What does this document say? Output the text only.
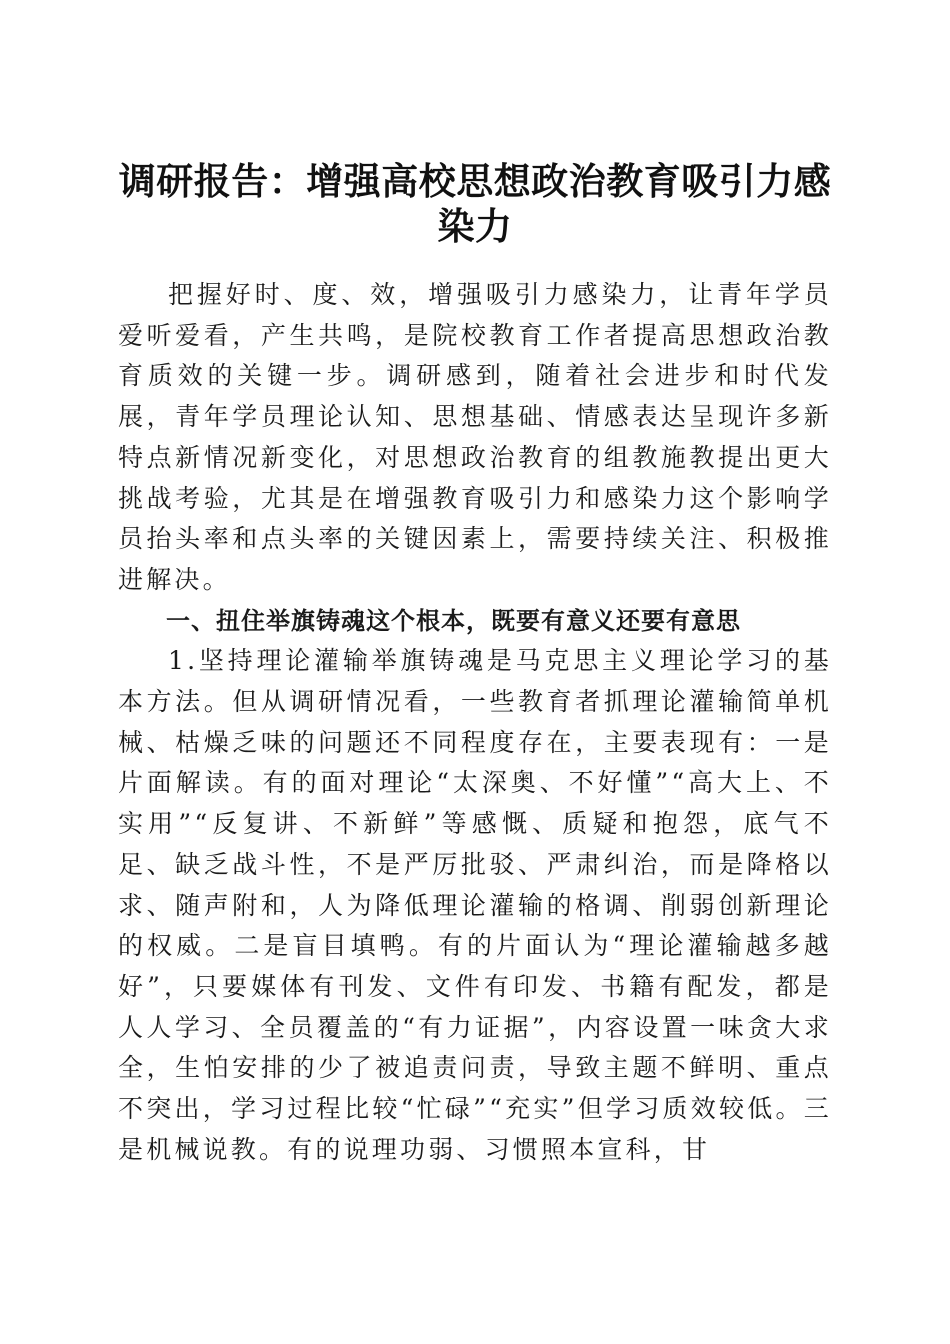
调研报告：增强高校思想政治教育吸引力感染力

把握好时、度、效，增强吸引力感染力，让青年学员爱听爱看，产生共鸣，是院校教育工作者提高思想政治教育质效的关键一步。调研感到，随着社会进步和时代发展，青年学员理论认知、思想基础、情感表达呈现许多新特点新情况新变化，对思想政治教育的组教施教提出更大挑战考验，尤其是在增强教育吸引力和感染力这个影响学员抬头率和点头率的关键因素上，需要持续关注、积极推进解决。

一、扭住举旗铸魂这个根本，既要有意义还要有意思

1.坚持理论灌输举旗铸魂是马克思主义理论学习的基本方法。但从调研情况看，一些教育者抓理论灌输简单机械、枯燥乏味的问题还不同程度存在，主要表现有：一是片面解读。有的面对理论“太深奥、不好懂”“高大上、不实用”“反复讲、不新鲜”等感慨、质疑和抱怨，底气不足、缺乏战斗性，不是严厉批驳、严肃纠治，而是降格以求、随声附和，人为降低理论灌输的格调、削弱创新理论的权威。二是盲目填鸭。有的片面认为“理论灌输越多越好”，只要媒体有刊发、文件有印发、书籍有配发，都是人人学习、全员覆盖的“有力证据”，内容设置一味贪大求全，生怕安排的少了被追责问责，导致主题不鲜明、重点不突出，学习过程比较“忙碌”“充实”但学习质效较低。三是机械说教。有的说理功弱、习惯照本宣科，甘
